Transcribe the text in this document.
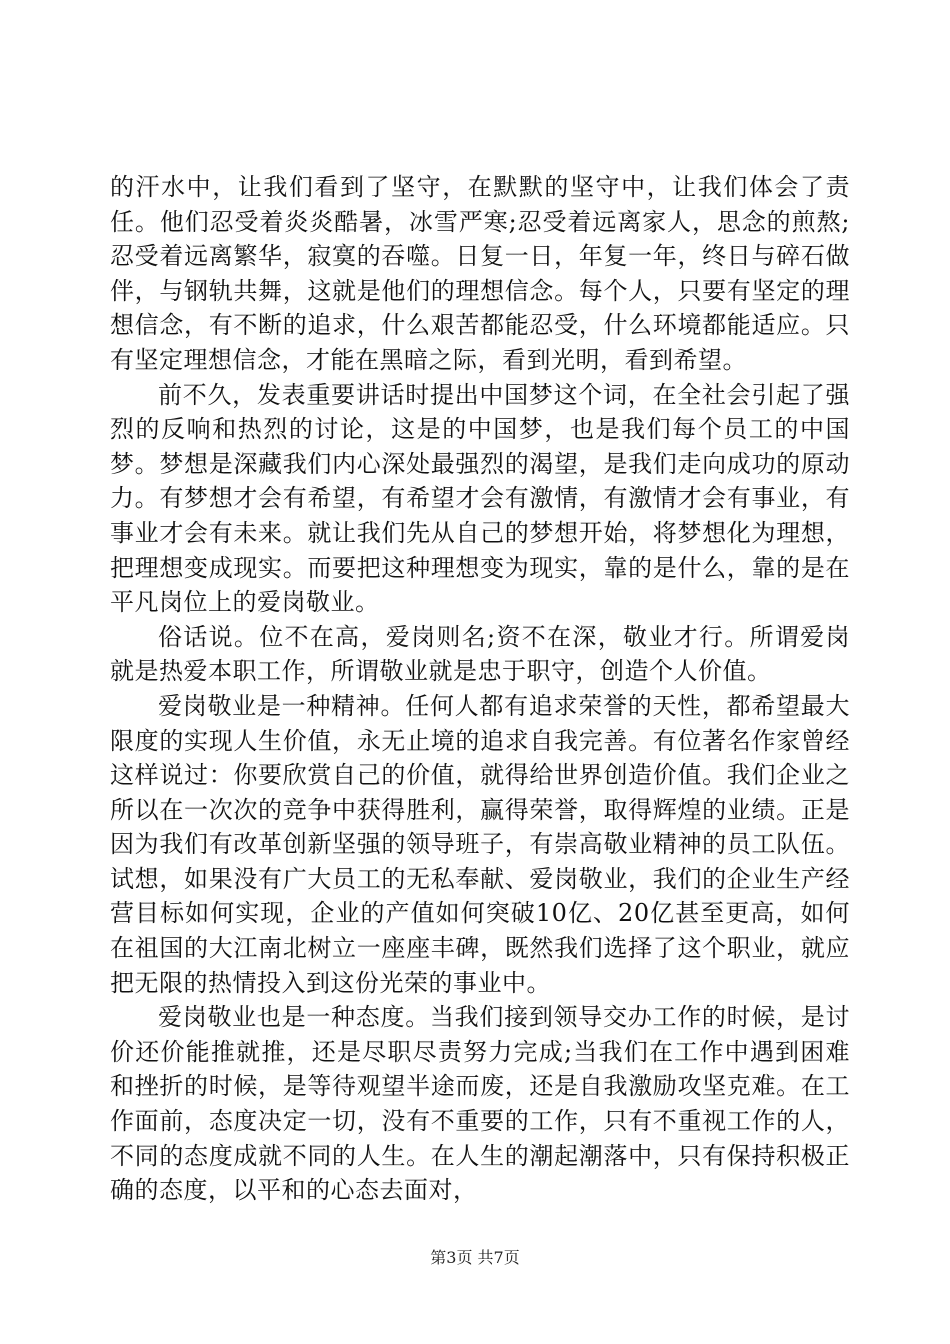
的汗水中，让我们看到了坚守，在默默的坚守中，让我们体会了责任。他们忍受着炎炎酷暑，冰雪严寒;忍受着远离家人，思念的煎熬;忍受着远离繁华，寂寞的吞噬。日复一日，年复一年，终日与碎石做伴，与钢轨共舞，这就是他们的理想信念。每个人，只要有坚定的理想信念，有不断的追求，什么艰苦都能忍受，什么环境都能适应。只有坚定理想信念，才能在黑暗之际，看到光明，看到希望。

前不久，发表重要讲话时提出中国梦这个词，在全社会引起了强烈的反响和热烈的讨论，这是的中国梦，也是我们每个员工的中国梦。梦想是深藏我们内心深处最强烈的渴望，是我们走向成功的原动力。有梦想才会有希望，有希望才会有激情，有激情才会有事业，有事业才会有未来。就让我们先从自己的梦想开始，将梦想化为理想，把理想变成现实。而要把这种理想变为现实，靠的是什么，靠的是在平凡岗位上的爱岗敬业。

俗话说。位不在高，爱岗则名;资不在深，敬业才行。所谓爱岗就是热爱本职工作，所谓敬业就是忠于职守，创造个人价值。

爱岗敬业是一种精神。任何人都有追求荣誉的天性，都希望最大限度的实现人生价值，永无止境的追求自我完善。有位著名作家曾经这样说过：你要欣赏自己的价值，就得给世界创造价值。我们企业之所以在一次次的竞争中获得胜利，赢得荣誉，取得辉煌的业绩。正是因为我们有改革创新坚强的领导班子，有崇高敬业精神的员工队伍。试想，如果没有广大员工的无私奉献、爱岗敬业，我们的企业生产经营目标如何实现，企业的产值如何突破10亿、20亿甚至更高，如何在祖国的大江南北树立一座座丰碑，既然我们选择了这个职业，就应把无限的热情投入到这份光荣的事业中。

爱岗敬业也是一种态度。当我们接到领导交办工作的时候，是讨价还价能推就推，还是尽职尽责努力完成;当我们在工作中遇到困难和挫折的时候，是等待观望半途而废，还是自我激励攻坚克难。在工作面前，态度决定一切，没有不重要的工作，只有不重视工作的人，不同的态度成就不同的人生。在人生的潮起潮落中，只有保持积极正确的态度，以平和的心态去面对，

第3页 共7页
